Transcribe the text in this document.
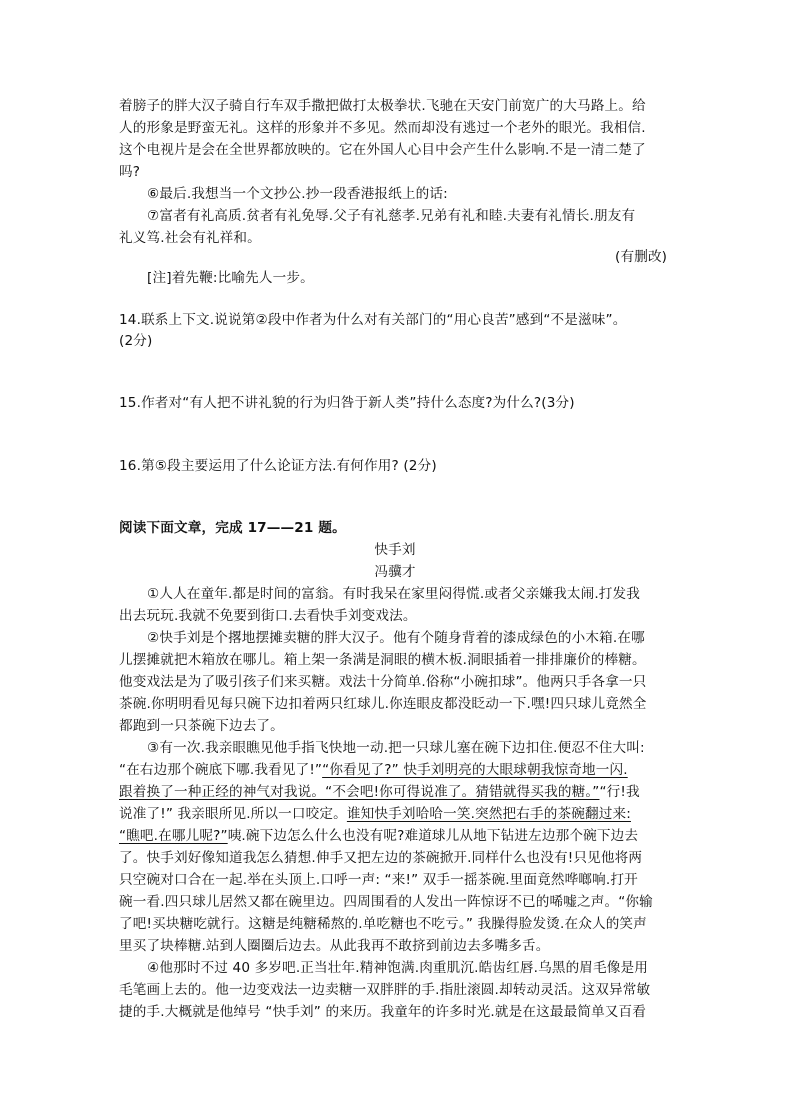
着膀子的胖大汉子骑自行车双手撒把做打太极拳状.飞驰在天安门前宽广的大马路上。给
人的形象是野蛮无礼。这样的形象并不多见。然而却没有逃过一个老外的眼光。我相信.
这个电视片是会在全世界都放映的。它在外国人心目中会产生什么影响.不是一清二楚了
吗?
⑥最后.我想当一个文抄公.抄一段香港报纸上的话:
⑦富者有礼高质.贫者有礼免辱.父子有礼慈孝.兄弟有礼和睦.夫妻有礼情长.朋友有
礼义笃.社会有礼祥和。
(有删改)
[注]着先鞭:比喻先人一步。
14.联系上下文.说说第②段中作者为什么对有关部门的“用心良苦”感到“不是滋味”。
(2分)
15.作者对“有人把不讲礼貌的行为归咎于新人类”持什么态度?为什么?(3分)
16.第⑤段主要运用了什么论证方法.有何作用? (2分)
阅读下面文章，完成 17——21 题。
快手刘
冯骥才
①人人在童年.都是时间的富翁。有时我呆在家里闷得慌.或者父亲嫌我太闹.打发我
出去玩玩.我就不免要到街口.去看快手刘变戏法。
②快手刘是个撂地摆摊卖糖的胖大汉子。他有个随身背着的漆成绿色的小木箱.在哪
儿摆摊就把木箱放在哪儿。箱上架一条满是洞眼的横木板.洞眼插着一排排廉价的棒糖。
他变戏法是为了吸引孩子们来买糖。戏法十分简单.俗称“小碗扣球”。他两只手各拿一只
茶碗.你明明看见每只碗下边扣着两只红球儿.你连眼皮都没眨动一下.嘿!四只球儿竟然全
都跑到一只茶碗下边去了。
③有一次.我亲眼瞧见他手指飞快地一动.把一只球儿塞在碗下边扣住.便忍不住大叫:
“在右边那个碗底下哪.我看见了!”“你看见了?” 快手刘明亮的大眼球朝我惊奇地一闪.
跟着换了一种正经的神气对我说。“不会吧!你可得说准了。猜错就得买我的糖。”“行!我
说准了!” 我亲眼所见.所以一口咬定。谁知快手刘哈哈一笑.突然把右手的茶碗翻过来:
“瞧吧.在哪儿呢?”咦.碗下边怎么什么也没有呢?难道球儿从地下钻进左边那个碗下边去
了。快手刘好像知道我怎么猜想.伸手又把左边的茶碗掀开.同样什么也没有!只见他将两
只空碗对口合在一起.举在头顶上.口呼一声: “来!” 双手一摇茶碗.里面竟然哗啷响.打开
碗一看.四只球儿居然又都在碗里边。四周围看的人发出一阵惊讶不已的唏嘘之声。“你输
了吧!买块糖吃就行。这糖是纯糖稀熬的.单吃糖也不吃亏。” 我臊得脸发烫.在众人的笑声
里买了块棒糖.站到人圈圈后边去。从此我再不敢挤到前边去多嘴多舌。
④他那时不过 40 多岁吧.正当壮年.精神饱满.肉重肌沉.皓齿红唇.乌黑的眉毛像是用
毛笔画上去的。他一边变戏法一边卖糖一双胖胖的手.指肚滚圆.却转动灵活。这双异常敏
捷的手.大概就是他绰号 “快手刘” 的来历。我童年的许多时光.就是在这最最简单又百看
